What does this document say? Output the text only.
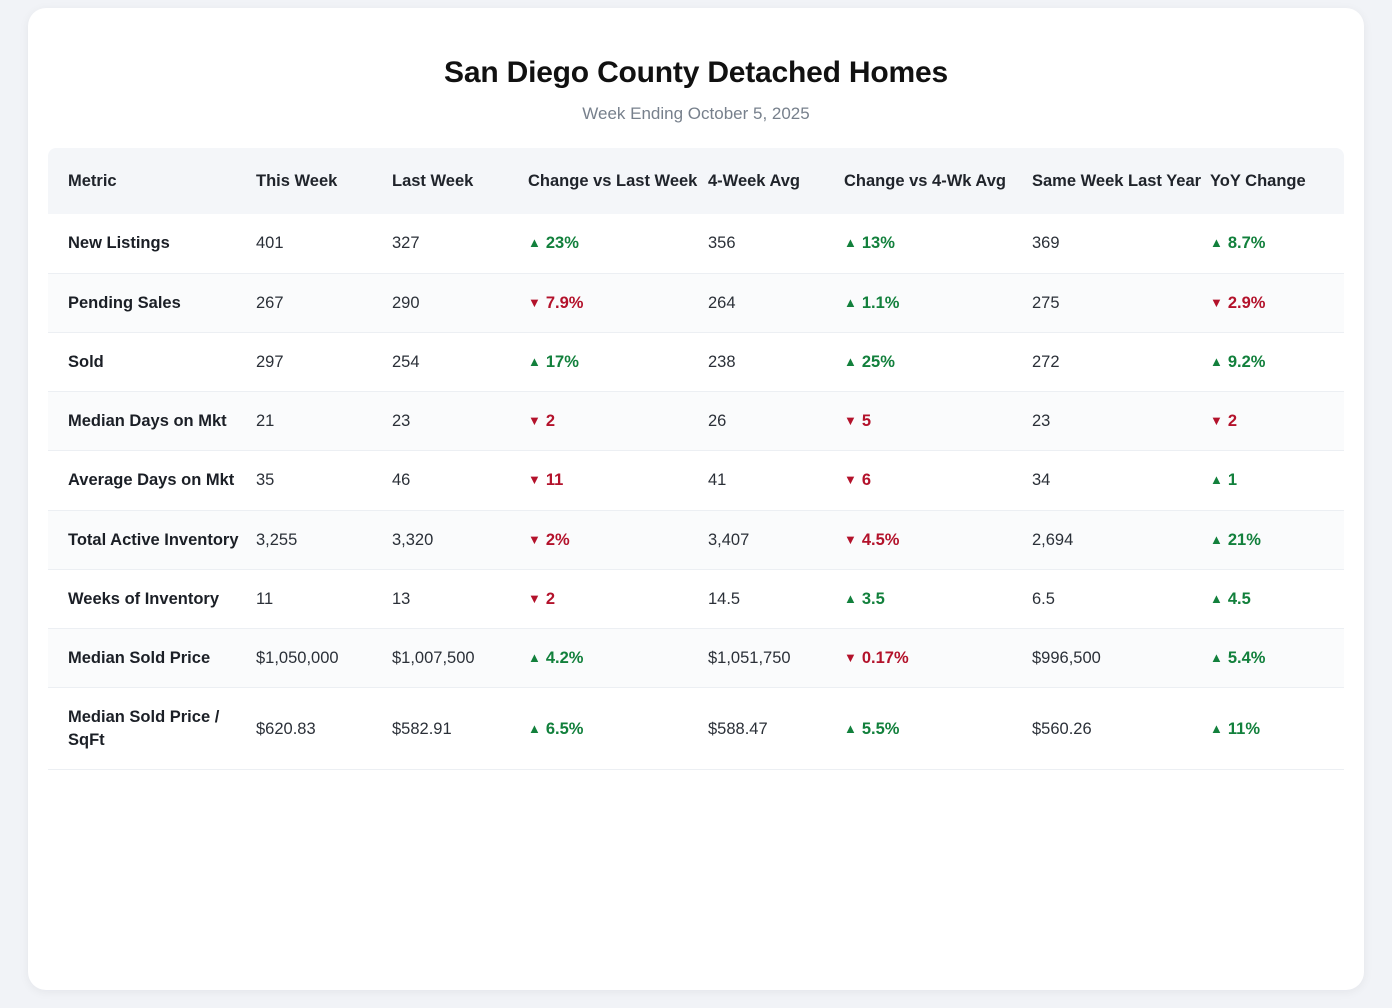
San Diego County Detached Homes
Week Ending October 5, 2025
Metric	This Week	Last Week	Change vs Last Week	4-Week Avg	Change vs 4-Wk Avg	Same Week Last Year	YoY Change
New Listings	401	327	▲ 23%	356	▲ 13%	369	▲ 8.7%
Pending Sales	267	290	▼ 7.9%	264	▲ 1.1%	275	▼ 2.9%
Sold	297	254	▲ 17%	238	▲ 25%	272	▲ 9.2%
Median Days on Mkt	21	23	▼ 2	26	▼ 5	23	▼ 2
Average Days on Mkt	35	46	▼ 11	41	▼ 6	34	▲ 1
Total Active Inventory	3,255	3,320	▼ 2%	3,407	▼ 4.5%	2,694	▲ 21%
Weeks of Inventory	11	13	▼ 2	14.5	▲ 3.5	6.5	▲ 4.5
Median Sold Price	$1,050,000	$1,007,500	▲ 4.2%	$1,051,750	▼ 0.17%	$996,500	▲ 5.4%
Median Sold Price / SqFt	$620.83	$582.91	▲ 6.5%	$588.47	▲ 5.5%	$560.26	▲ 11%
